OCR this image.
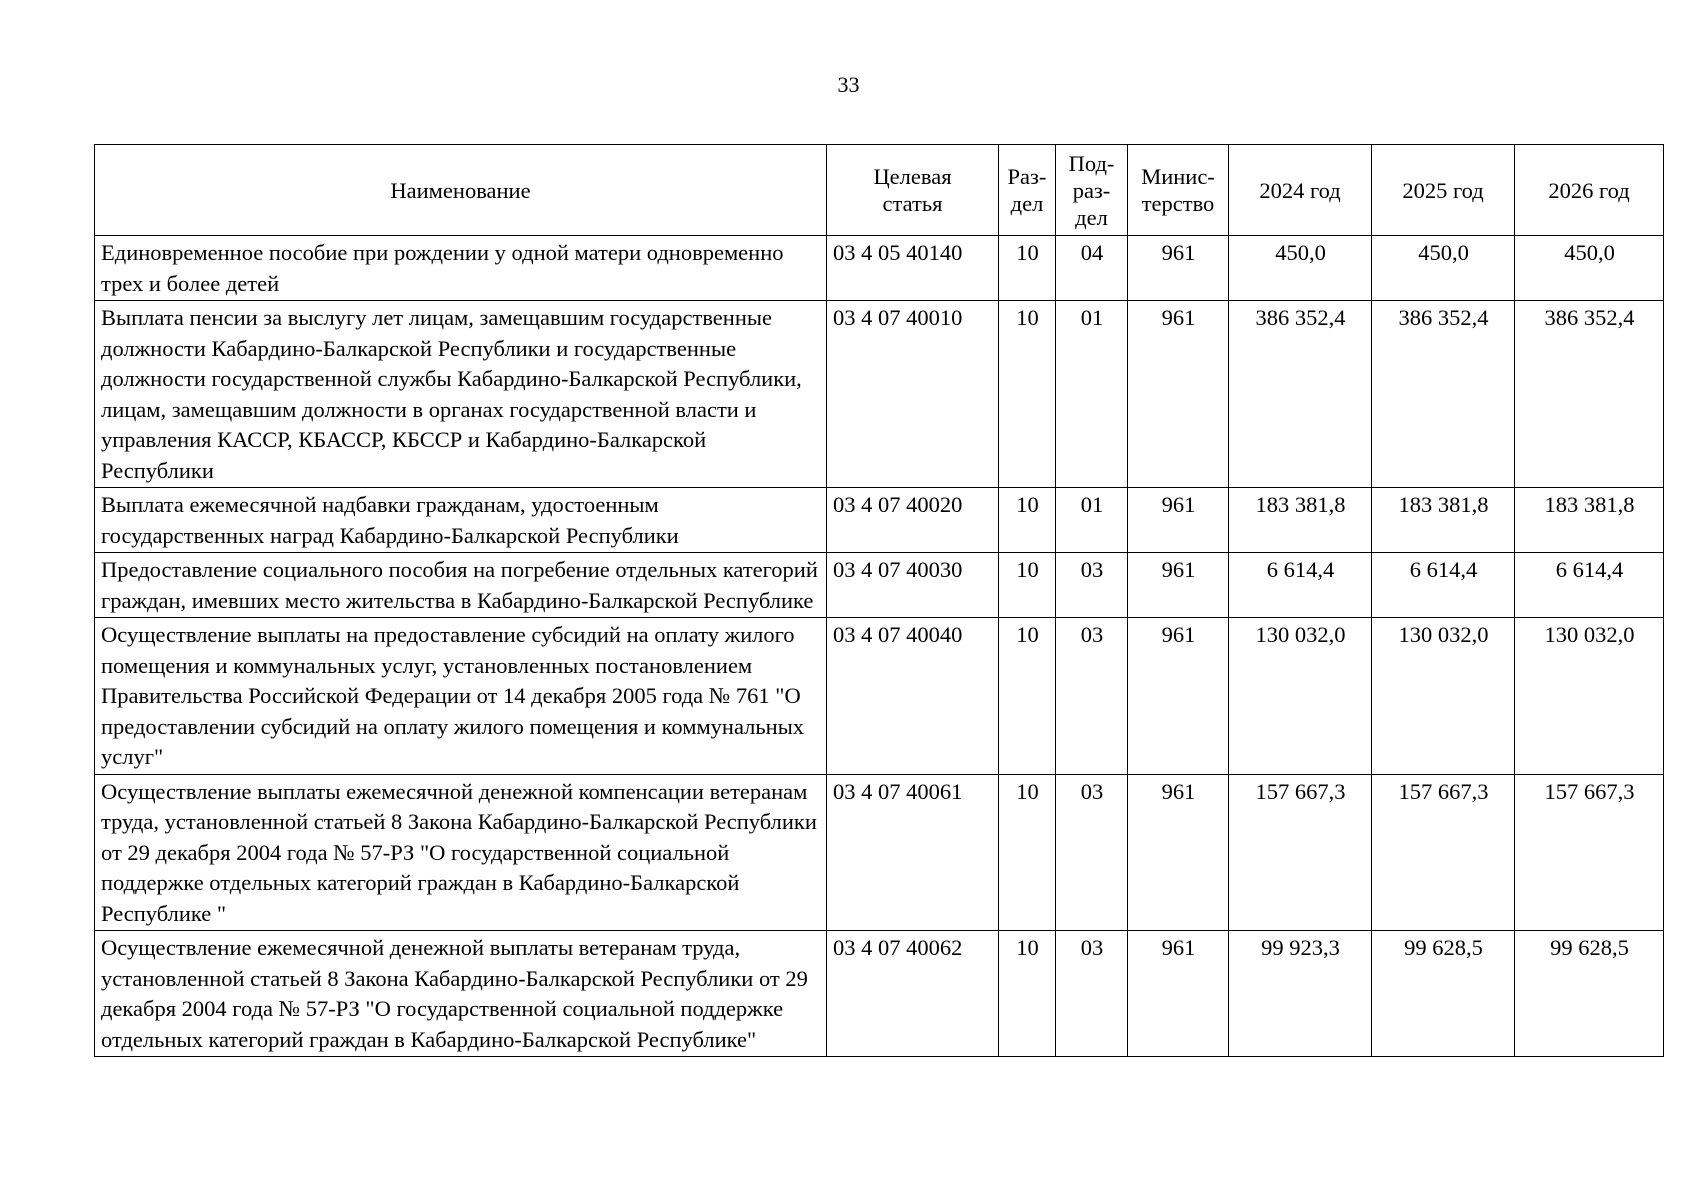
33
Наименование	Целевая статья	Раз-дел	Под-раз-дел	Минис-терство	2024 год	2025 год	2026 год
Единовременное пособие при рождении у одной матери одновременно трех и более детей	03 4 05 40140	10	04	961	450,0	450,0	450,0
Выплата пенсии за выслугу лет лицам, замещавшим государственные должности Кабардино-Балкарской Республики и государственные должности государственной службы Кабардино-Балкарской Республики, лицам, замещавшим должности в органах государственной власти и управления КАССР, КБАССР, КБССР и Кабардино-Балкарской Республики	03 4 07 40010	10	01	961	386 352,4	386 352,4	386 352,4
Выплата ежемесячной надбавки гражданам, удостоенным государственных наград Кабардино-Балкарской Республики	03 4 07 40020	10	01	961	183 381,8	183 381,8	183 381,8
Предоставление социального пособия на погребение отдельных категорий граждан, имевших место жительства в Кабардино-Балкарской Республике	03 4 07 40030	10	03	961	6 614,4	6 614,4	6 614,4
Осуществление выплаты на предоставление субсидий на оплату жилого помещения и коммунальных услуг, установленных постановлением Правительства Российской Федерации от 14 декабря 2005 года № 761 "О предоставлении субсидий на оплату жилого помещения и коммунальных услуг"	03 4 07 40040	10	03	961	130 032,0	130 032,0	130 032,0
Осуществление выплаты ежемесячной денежной компенсации ветеранам труда, установленной статьей 8 Закона Кабардино-Балкарской Республики от 29 декабря 2004 года № 57-РЗ "О государственной социальной поддержке отдельных категорий граждан в Кабардино-Балкарской Республике "	03 4 07 40061	10	03	961	157 667,3	157 667,3	157 667,3
Осуществление ежемесячной денежной выплаты ветеранам труда, установленной статьей 8 Закона Кабардино-Балкарской Республики от 29 декабря 2004 года № 57-РЗ "О государственной социальной поддержке отдельных категорий граждан в Кабардино-Балкарской Республике"	03 4 07 40062	10	03	961	99 923,3	99 628,5	99 628,5
